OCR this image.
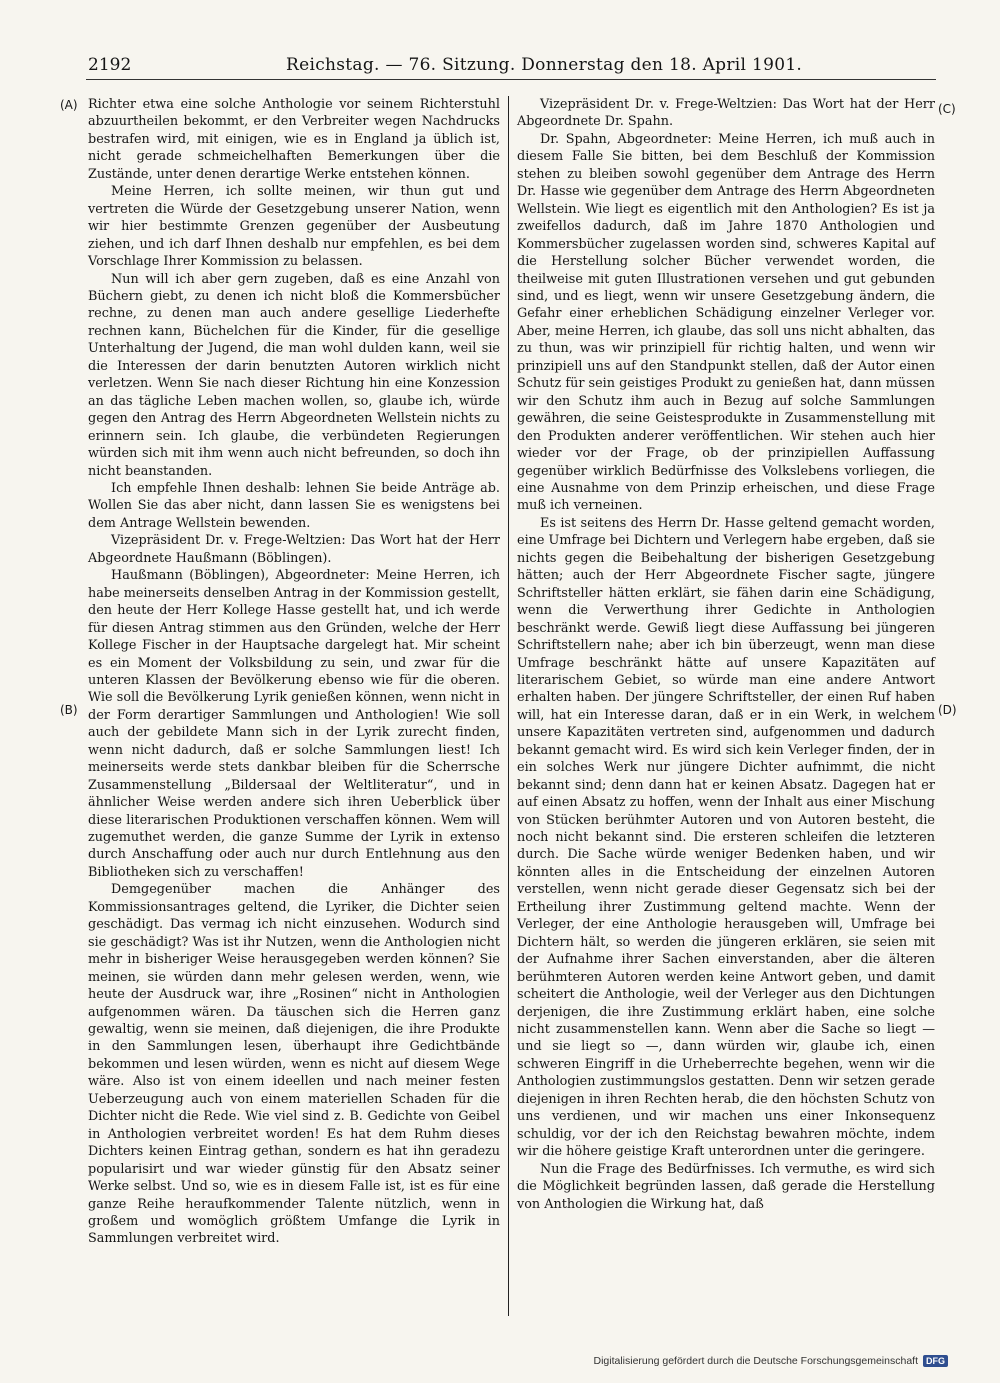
2192	Reichstag. — 76. Sitzung. Donnerstag den 18. April 1901.
(A)
(B)
(C)
(D)

Richter etwa eine solche Anthologie vor seinem Richterstuhl abzuurtheilen bekommt, er den Verbreiter wegen Nachdrucks bestrafen wird, mit einigen, wie es in England ja üblich ist, nicht gerade schmeichelhaften Bemerkungen über die Zustände, unter denen derartige Werke entstehen können.

Meine Herren, ich sollte meinen, wir thun gut und vertreten die Würde der Gesetzgebung unserer Nation, wenn wir hier bestimmte Grenzen gegenüber der Ausbeutung ziehen, und ich darf Ihnen deshalb nur empfehlen, es bei dem Vorschlage Ihrer Kommission zu belassen.

Nun will ich aber gern zugeben, daß es eine Anzahl von Büchern giebt, zu denen ich nicht bloß die Kommersbücher rechne, zu denen man auch andere gesellige Liederhefte rechnen kann, Büchelchen für die Kinder, für die gesellige Unterhaltung der Jugend, die man wohl dulden kann, weil sie die Interessen der darin benutzten Autoren wirklich nicht verletzen. Wenn Sie nach dieser Richtung hin eine Konzession an das tägliche Leben machen wollen, so, glaube ich, würde gegen den Antrag des Herrn Abgeordneten Wellstein nichts zu erinnern sein. Ich glaube, die verbündeten Regierungen würden sich mit ihm wenn auch nicht befreunden, so doch ihn nicht beanstanden.

Ich empfehle Ihnen deshalb: lehnen Sie beide Anträge ab. Wollen Sie das aber nicht, dann lassen Sie es wenigstens bei dem Antrage Wellstein bewenden.

Vizepräsident Dr. v. Frege-Weltzien: Das Wort hat der Herr Abgeordnete Haußmann (Böblingen).

Haußmann (Böblingen), Abgeordneter: Meine Herren, ich habe meinerseits denselben Antrag in der Kommission gestellt, den heute der Herr Kollege Hasse gestellt hat, und ich werde für diesen Antrag stimmen aus den Gründen, welche der Herr Kollege Fischer in der Hauptsache dargelegt hat. Mir scheint es ein Moment der Volksbildung zu sein, und zwar für die unteren Klassen der Bevölkerung ebenso wie für die oberen. Wie soll die Bevölkerung Lyrik genießen können, wenn nicht in der Form derartiger Sammlungen und Anthologien! Wie soll auch der gebildete Mann sich in der Lyrik zurecht finden, wenn nicht dadurch, daß er solche Sammlungen liest! Ich meinerseits werde stets dankbar bleiben für die Scherrsche Zusammenstellung „Bildersaal der Weltliteratur“, und in ähnlicher Weise werden andere sich ihren Ueberblick über diese literarischen Produktionen verschaffen können. Wem will zugemuthet werden, die ganze Summe der Lyrik in extenso durch Anschaffung oder auch nur durch Entlehnung aus den Bibliotheken sich zu verschaffen!

Demgegenüber machen die Anhänger des Kommissionsantrages geltend, die Lyriker, die Dichter seien geschädigt. Das vermag ich nicht einzusehen. Wodurch sind sie geschädigt? Was ist ihr Nutzen, wenn die Anthologien nicht mehr in bisheriger Weise herausgegeben werden können? Sie meinen, sie würden dann mehr gelesen werden, wenn, wie heute der Ausdruck war, ihre „Rosinen“ nicht in Anthologien aufgenommen wären. Da täuschen sich die Herren ganz gewaltig, wenn sie meinen, daß diejenigen, die ihre Produkte in den Sammlungen lesen, überhaupt ihre Gedichtbände bekommen und lesen würden, wenn es nicht auf diesem Wege wäre. Also ist von einem ideellen und nach meiner festen Ueberzeugung auch von einem materiellen Schaden für die Dichter nicht die Rede. Wie viel sind z. B. Gedichte von Geibel in Anthologien verbreitet worden! Es hat dem Ruhm dieses Dichters keinen Eintrag gethan, sondern es hat ihn geradezu popularisirt und war wieder günstig für den Absatz seiner Werke selbst. Und so, wie es in diesem Falle ist, ist es für eine ganze Reihe heraufkommender Talente nützlich, wenn in großem und womöglich größtem Umfange die Lyrik in Sammlungen verbreitet wird.

Vizepräsident Dr. v. Frege-Weltzien: Das Wort hat der Herr Abgeordnete Dr. Spahn.

Dr. Spahn, Abgeordneter: Meine Herren, ich muß auch in diesem Falle Sie bitten, bei dem Beschluß der Kommission stehen zu bleiben sowohl gegenüber dem Antrage des Herrn Dr. Hasse wie gegenüber dem Antrage des Herrn Abgeordneten Wellstein. Wie liegt es eigentlich mit den Anthologien? Es ist ja zweifellos dadurch, daß im Jahre 1870 Anthologien und Kommersbücher zugelassen worden sind, schweres Kapital auf die Herstellung solcher Bücher verwendet worden, die theilweise mit guten Illustrationen versehen und gut gebunden sind, und es liegt, wenn wir unsere Gesetzgebung ändern, die Gefahr einer erheblichen Schädigung einzelner Verleger vor. Aber, meine Herren, ich glaube, das soll uns nicht abhalten, das zu thun, was wir prinzipiell für richtig halten, und wenn wir prinzipiell uns auf den Standpunkt stellen, daß der Autor einen Schutz für sein geistiges Produkt zu genießen hat, dann müssen wir den Schutz ihm auch in Bezug auf solche Sammlungen gewähren, die seine Geistesprodukte in Zusammenstellung mit den Produkten anderer veröffentlichen. Wir stehen auch hier wieder vor der Frage, ob der prinzipiellen Auffassung gegenüber wirklich Bedürfnisse des Volkslebens vorliegen, die eine Ausnahme von dem Prinzip erheischen, und diese Frage muß ich verneinen.

Es ist seitens des Herrn Dr. Hasse geltend gemacht worden, eine Umfrage bei Dichtern und Verlegern habe ergeben, daß sie nichts gegen die Beibehaltung der bisherigen Gesetzgebung hätten; auch der Herr Abgeordnete Fischer sagte, jüngere Schriftsteller hätten erklärt, sie fähen darin eine Schädigung, wenn die Verwerthung ihrer Gedichte in Anthologien beschränkt werde. Gewiß liegt diese Auffassung bei jüngeren Schriftstellern nahe; aber ich bin überzeugt, wenn man diese Umfrage beschränkt hätte auf unsere Kapazitäten auf literarischem Gebiet, so würde man eine andere Antwort erhalten haben. Der jüngere Schriftsteller, der einen Ruf haben will, hat ein Interesse daran, daß er in ein Werk, in welchem unsere Kapazitäten vertreten sind, aufgenommen und dadurch bekannt gemacht wird. Es wird sich kein Verleger finden, der in ein solches Werk nur jüngere Dichter aufnimmt, die nicht bekannt sind; denn dann hat er keinen Absatz. Dagegen hat er auf einen Absatz zu hoffen, wenn der Inhalt aus einer Mischung von Stücken berühmter Autoren und von Autoren besteht, die noch nicht bekannt sind. Die ersteren schleifen die letzteren durch. Die Sache würde weniger Bedenken haben, und wir könnten alles in die Entscheidung der einzelnen Autoren verstellen, wenn nicht gerade dieser Gegensatz sich bei der Ertheilung ihrer Zustimmung geltend machte. Wenn der Verleger, der eine Anthologie herausgeben will, Umfrage bei Dichtern hält, so werden die jüngeren erklären, sie seien mit der Aufnahme ihrer Sachen einverstanden, aber die älteren berühmteren Autoren werden keine Antwort geben, und damit scheitert die Anthologie, weil der Verleger aus den Dichtungen derjenigen, die ihre Zustimmung erklärt haben, eine solche nicht zusammenstellen kann. Wenn aber die Sache so liegt — und sie liegt so —, dann würden wir, glaube ich, einen schweren Eingriff in die Urheberrechte begehen, wenn wir die Anthologien zustimmungslos gestatten. Denn wir setzen gerade diejenigen in ihren Rechten herab, die den höchsten Schutz von uns verdienen, und wir machen uns einer Inkonsequenz schuldig, vor der ich den Reichstag bewahren möchte, indem wir die höhere geistige Kraft unterordnen unter die geringere.

Nun die Frage des Bedürfnisses. Ich vermuthe, es wird sich die Möglichkeit begründen lassen, daß gerade die Herstellung von Anthologien die Wirkung hat, daß

Digitalisierung gefördert durch die Deutsche Forschungsgemeinschaft DFG
